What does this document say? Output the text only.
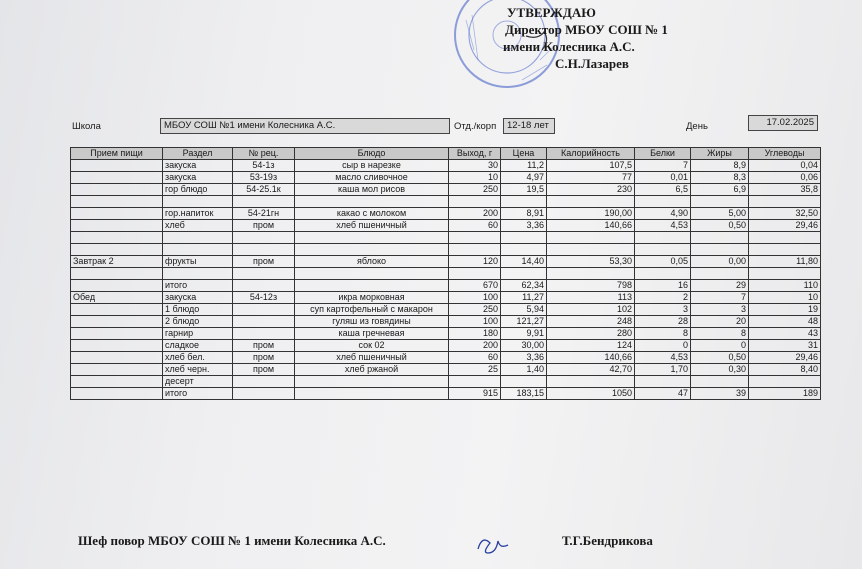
УТВЕРЖДАЮ
Директор МБОУ СОШ № 1
имени Колесника А.С.
С.Н.Лазарев
Школа	МБОУ СОШ №1 имени Колесника А.С.	Отд./корп	12-18 лет	День	17.02.2025
Прием пищи	Раздел	№ рец.	Блюдо	Выход, г	Цена	Калорийность	Белки	Жиры	Углеводы
	закуска	54-1з	сыр в нарезке	30	11,2	107,5	7	8,9	0,04
	закуска	53-19з	масло сливочное	10	4,97	77	0,01	8,3	0,06
	гор блюдо	54-25.1к	каша мол рисов	250	19,5	230	6,5	6,9	35,8

	гор.напиток	54-21гн	какао с молоком	200	8,91	190,00	4,90	5,00	32,50
	хлеб	пром	хлеб пшеничный	60	3,36	140,66	4,53	0,50	29,46

Завтрак 2	фрукты	пром	яблоко	120	14,40	53,30	0,05	0,00	11,80

	итого			670	62,34	798	16	29	110
Обед	закуска	54-12з	икра морковная	100	11,27	113	2	7	10
	1 блюдо		суп картофельный с макарон	250	5,94	102	3	3	19
	2 блюдо		гуляш из говядины	100	121,27	248	28	20	48
	гарнир		каша гречневая	180	9,91	280	8	8	43
	сладкое	пром	сок 02	200	30,00	124	0	0	31
	хлеб бел.	пром	хлеб пшеничный	60	3,36	140,66	4,53	0,50	29,46
	хлеб черн.	пром	хлеб ржаной	25	1,40	42,70	1,70	0,30	8,40
	десерт								
	итого			915	183,15	1050	47	39	189
Шеф повор МБОУ СОШ № 1 имени Колесника А.С.	Т.Г.Бендрикова
